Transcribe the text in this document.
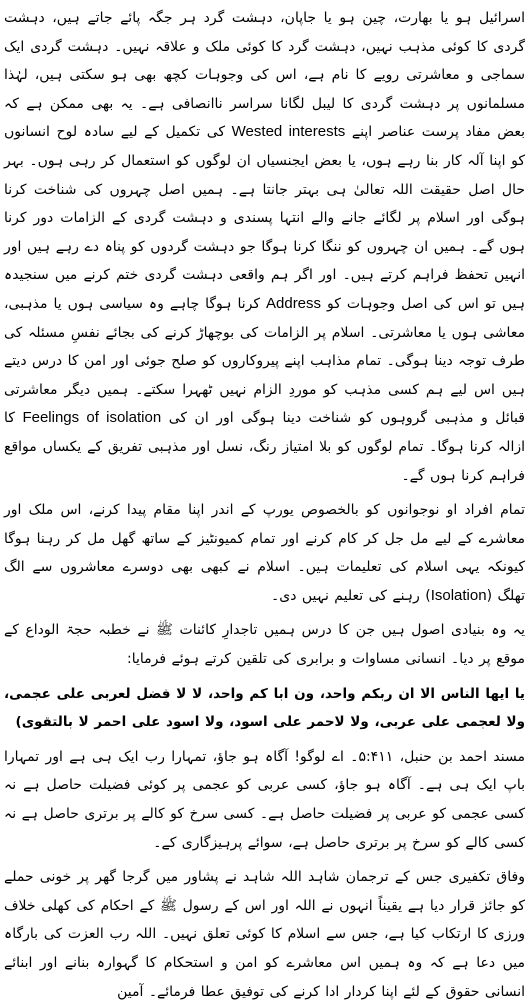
اسرائیل ہو یا بھارت، چین ہو یا جاپان، دہشت گرد ہر جگہ پائے جاتے ہیں، دہشت گردی کا کوئی مذہب نہیں، دہشت گرد کا کوئی ملک و علاقہ نہیں۔ دہشت گردی ایک سماجی و معاشرتی رویے کا نام ہے، اس کی وجوہات کچھ بھی ہو سکتی ہیں، لہٰذا مسلمانوں پر دہشت گردی کا لیبل لگانا سراسر ناانصافی ہے۔ یہ بھی ممکن ہے کہ بعض مفاد پرست عناصر اپنے Wested interests کی تکمیل کے لیے سادہ لوح انسانوں کو اپنا آلہ کار بنا رہے ہوں، یا بعض ایجنسیاں ان لوگوں کو استعمال کر رہی ہوں۔ بہر حال اصل حقیقت اللہ تعالیٰ ہی بہتر جانتا ہے۔ ہمیں اصل چہروں کی شناخت کرنا ہوگی اور اسلام پر لگائے جانے والے انتہا پسندی و دہشت گردی کے الزامات دور کرنا ہوں گے۔ ہمیں ان چہروں کو ننگا کرنا ہوگا جو دہشت گردوں کو پناہ دے رہے ہیں اور انہیں تحفظ فراہم کرتے ہیں۔ اور اگر ہم واقعی دہشت گردی ختم کرنے میں سنجیدہ ہیں تو اس کی اصل وجوہات کو Address کرنا ہوگا چاہے وہ سیاسی ہوں یا مذہبی، معاشی ہوں یا معاشرتی۔ اسلام پر الزامات کی بوچھاڑ کرنے کی بجائے نفسِ مسئلہ کی طرف توجہ دینا ہوگی۔ تمام مذاہب اپنے پیروکاروں کو صلح جوئی اور امن کا درس دیتے ہیں اس لیے ہم کسی مذہب کو موردِ الزام نہیں ٹھہرا سکتے۔ ہمیں دیگر معاشرتی قبائل و مذہبی گروہوں کو شناخت دینا ہوگی اور ان کی Feelings of isolation کا ازالہ کرنا ہوگا۔ تمام لوگوں کو بلا امتیاز رنگ، نسل اور مذہبی تفریق کے یکساں مواقع فراہم کرنا ہوں گے۔

تمام افراد او نوجوانوں کو بالخصوص یورپ کے اندر اپنا مقام پیدا کرنے، اس ملک اور معاشرے کے لیے مل جل کر کام کرنے اور تمام کمیونٹیز کے ساتھ گھل مل کر رہنا ہوگا کیونکہ یہی اسلام کی تعلیمات ہیں۔ اسلام نے کبھی بھی دوسرے معاشروں سے الگ تھلگ (Isolation) رہنے کی تعلیم نہیں دی۔

یہ وہ بنیادی اصول ہیں جن کا درس ہمیں تاجدارِ کائنات ﷺ نے خطبہ حجۃ الوداع کے موقع پر دیا۔ انسانی مساوات و برابری کی تلقین کرتے ہوئے فرمایا:

یا ایھا الناس الا ان ربکم واحد، ون ابا کم واحد، لا لا فضل لعربی علی عجمی، ولا لعجمی علی عربی، ولا لاحمر علی اسود، ولا اسود علی احمر لا بالتقوی)

مسند احمد بن حنبل، ۵:۴۱۱۔ اے لوگو! آگاہ ہو جاؤ، تمہارا رب ایک ہی ہے اور تمہارا باپ ایک ہی ہے۔ آگاہ ہو جاؤ، کسی عربی کو عجمی پر کوئی فضیلت حاصل ہے نہ کسی عجمی کو عربی پر فضیلت حاصل ہے۔ کسی سرخ کو کالے پر برتری حاصل ہے نہ کسی کالے کو سرخ پر برتری حاصل ہے، سوائے پرہیزگاری کے۔

وفاق تکفیری جس کے ترجمان شاہد اللہ شاہد نے پشاور میں گرجا گھر پر خونی حملے کو جائز قرار دیا ہے یقیناً انہوں نے اللہ اور اس کے رسول ﷺ کے احکام کی کھلی خلاف ورزی کا ارتکاب کیا ہے، جس سے اسلام کا کوئی تعلق نہیں۔ اللہ رب العزت کی بارگاہ میں دعا ہے کہ وہ ہمیں اس معاشرے کو امن و استحکام کا گہوارہ بنانے اور ابنائے انسانی حقوق کے لئے اپنا کردار ادا کرنے کی توفیق عطا فرمائے۔ آمین
